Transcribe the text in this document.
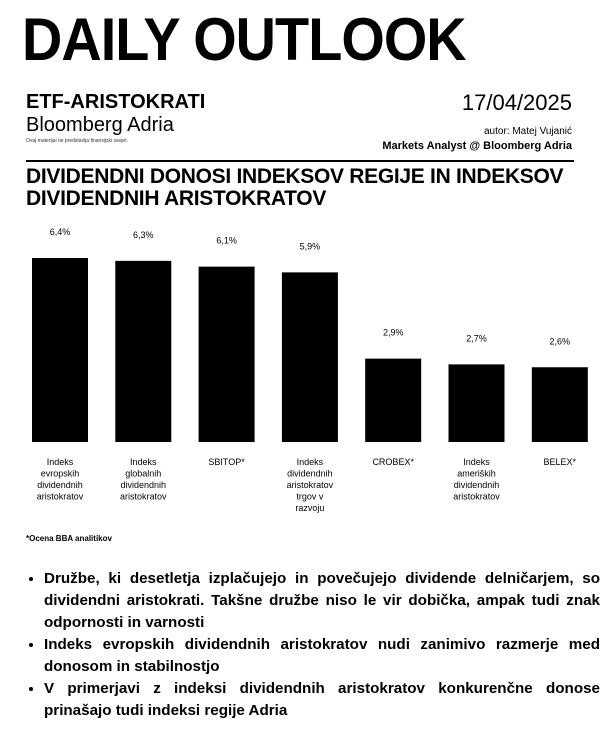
DAILY OUTLOOK
ETF-ARISTOKRATI
Bloomberg Adria
Ovaj materijal ne predstavlja finansijski savjet.
17/04/2025
autor: Matej Vujanić
Markets Analyst @ Bloomberg Adria
DIVIDENDNI DONOSI INDEKSOV REGIJE IN INDEKSOV DIVIDENDNIH ARISTOKRATOV
6,4%
Indeks evropskih dividendnih aristokratov
6,3%
Indeks globalnih dividendnih aristokratov
6,1%
SBITOP*
5,9%
Indeks dividendnih aristokratov trgov v razvoju
2,9%
CROBEX*
2,7%
Indeks ameriških dividendnih aristokratov
2,6%
BELEX*
*Ocena BBA analitikov
• Družbe, ki desetletja izplačujejo in povečujejo dividende delničarjem, so dividendni aristokrati. Takšne družbe niso le vir dobička, ampak tudi znak odpornosti in varnosti
• Indeks evropskih dividendnih aristokratov nudi zanimivo razmerje med donosom in stabilnostjo
• V primerjavi z indeksi dividendnih aristokratov konkurenčne donose prinašajo tudi indeksi regije Adria
